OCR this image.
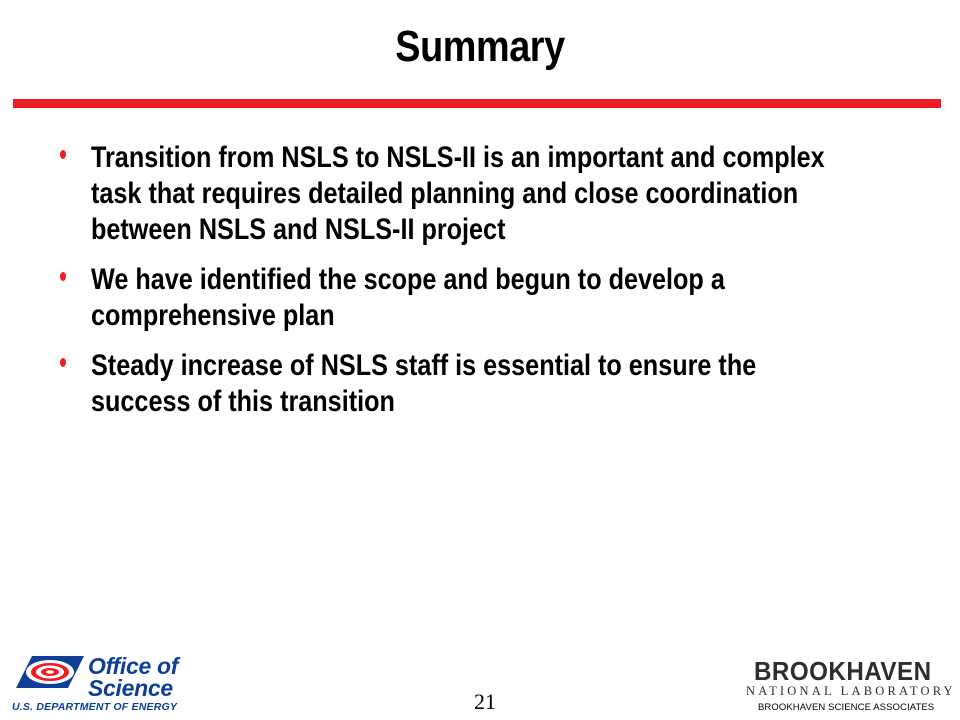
Summary
Transition from NSLS to NSLS-II is an important and complex task that requires detailed planning and close coordination between NSLS and NSLS-II project
We have identified the scope and begun to develop a comprehensive plan
Steady increase of NSLS staff is essential to ensure the success of this transition
Office of
Science
U.S. DEPARTMENT OF ENERGY	21
BROOKHAVEN
NATIONAL LABORATORY
BROOKHAVEN SCIENCE ASSOCIATES
